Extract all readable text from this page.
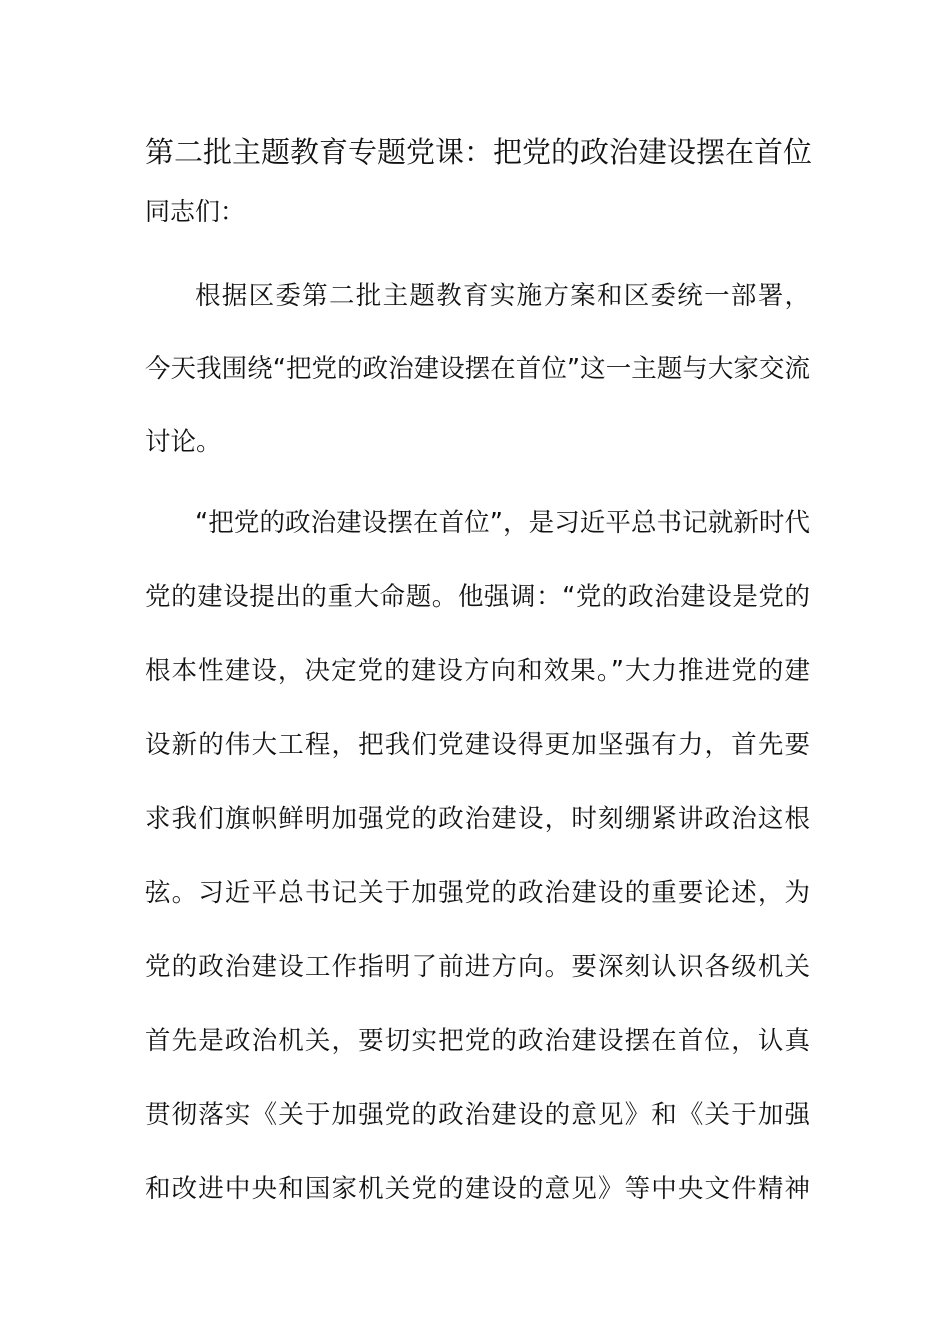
第二批主题教育专题党课：把党的政治建设摆在首位
同志们：
根据区委第二批主题教育实施方案和区委统一部署，
今天我围绕“把党的政治建设摆在首位”这一主题与大家交流
讨论。
“把党的政治建设摆在首位”，是习近平总书记就新时代
党的建设提出的重大命题。他强调：“党的政治建设是党的
根本性建设，决定党的建设方向和效果。”大力推进党的建
设新的伟大工程，把我们党建设得更加坚强有力，首先要
求我们旗帜鲜明加强党的政治建设，时刻绷紧讲政治这根
弦。习近平总书记关于加强党的政治建设的重要论述，为
党的政治建设工作指明了前进方向。要深刻认识各级机关
首先是政治机关，要切实把党的政治建设摆在首位，认真
贯彻落实《关于加强党的政治建设的意见》和《关于加强
和改进中央和国家机关党的建设的意见》等中央文件精神
